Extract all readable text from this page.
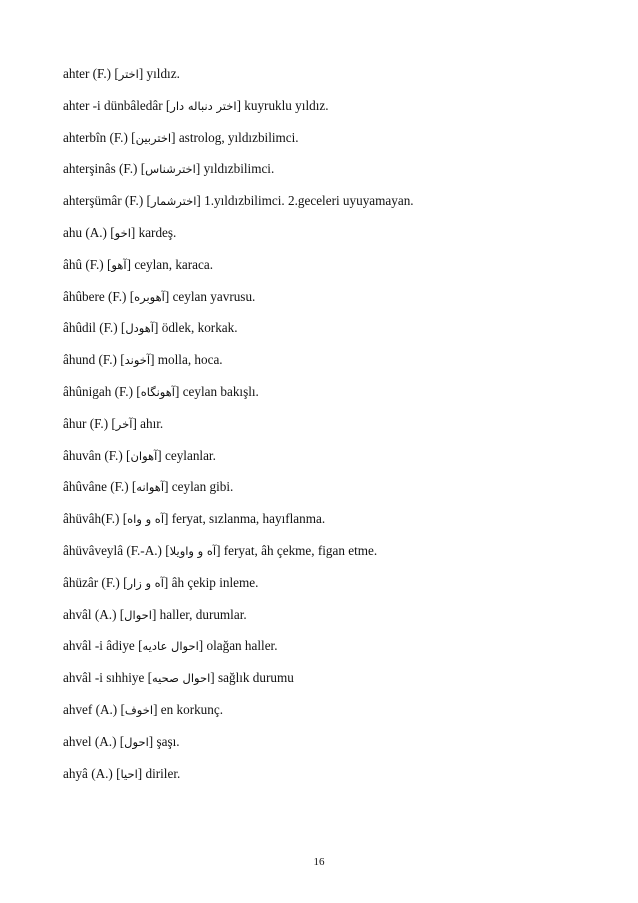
ahter (F.) [اختر] yıldız.
ahter -i dünbâledâr [اختر دنباله دار] kuyruklu yıldız.
ahterbîn (F.) [اختربين] astrolog, yıldızbilimci.
ahterşinâs (F.) [اخترشناس] yıldızbilimci.
ahterşümâr (F.) [اخترشمار] 1.yıldızbilimci. 2.geceleri uyuyamayan.
ahu (A.) [اخو] kardeş.
âhû (F.) [آهو] ceylan, karaca.
âhûbere (F.) [آهوبره] ceylan yavrusu.
âhûdil (F.) [آهودل] ödlek, korkak.
âhund (F.) [آخوند] molla, hoca.
âhûnigah (F.) [آهونگاه] ceylan bakışlı.
âhur (F.) [آخر] ahır.
âhuvân (F.) [آهوان] ceylanlar.
âhûvâne (F.) [آهوانه] ceylan gibi.
âhüvâh(F.) [آه و واه] feryat, sızlanma, hayıflanma.
âhüvâveylâ (F.-A.) [آه و واويلا] feryat, âh çekme, figan etme.
âhüzâr (F.) [آه و زار] âh çekip inleme.
ahvâl (A.) [احوال] haller, durumlar.
ahvâl -i âdiye [احوال عاديه] olağan haller.
ahvâl -i sıhhiye [احوال صحيه] sağlık durumu
ahvef (A.) [اخوف] en korkunç.
ahvel (A.) [احول] şaşı.
ahyâ (A.) [احيا] diriler.
16
